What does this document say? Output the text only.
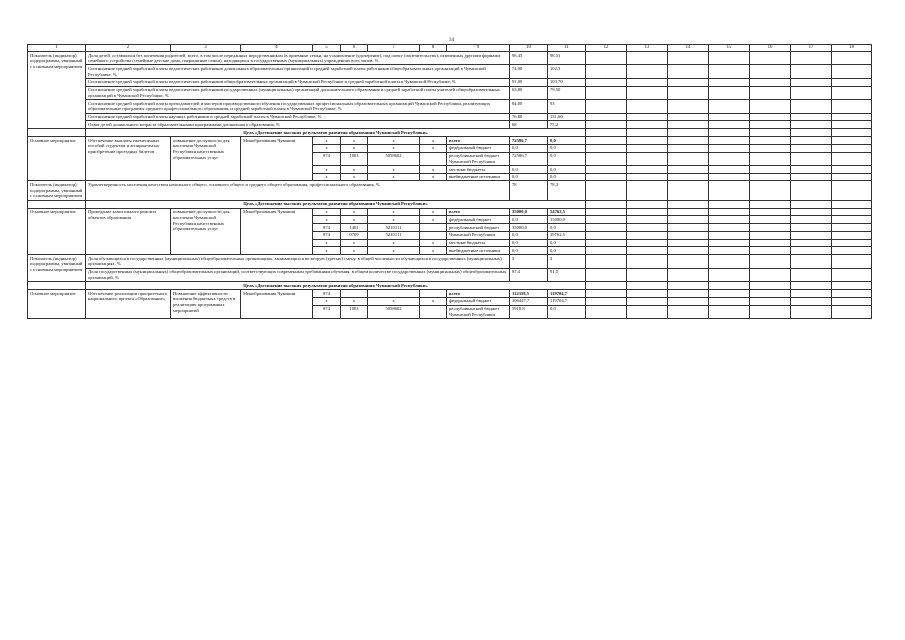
34
1	2	3	4	5	6	7	8	9	10	11	12	13	14	15	16	17	18
Показатель (индикатор) подпрограммы, увязанный с основным мероприятием	Доля детей, оставшихся без попечения родителей, всего, в том числе переданных неродственникам (в приемные семьи, на усыновление (удочерение), под опеку (попечительство), охваченных другими формами семейного устройства (семейные детские дома, патронатные семьи), находящихся в государственных (муниципальных) учреждениях всех типов, %								98,45	98,51							
	Соотношение средней заработной платы педагогических работников дошкольных образовательных организаций и средней заработной платы работников общеобразовательных организаций в Чувашской Республике, %								74,00	102,3							
	Соотношение средней заработной платы педагогических работников общеобразовательных организаций в Чувашской Республике и средней заработной платы в Чувашской Республике, %								91,00	103,70							
	Соотношение средней заработной платы педагогических работников государственных (муниципальных) организаций дополнительного образования и средней заработной платы учителей общеобразовательных организаций в Чувашской Республике, %								63,80	79,50							
	Соотношение средней заработной платы преподавателей и мастеров производственного обучения государственных профессиональных образовательных организаций Чувашской Республики, реализующих образовательные программы среднего профессионального образования, и средней заработной платы в Чувашской Республике, %								84,00	93							
	Соотношение средней заработной платы научных работников и средней заработной платы в Чувашской Республике, %								76,80	131,60							
	Охват детей дошкольного возраста образовательными программами дошкольного образования, %								68	75,2							
	Цель «Достижение высоких результатов развития образования Чувашской Республики»																
Основное мероприятие	Обеспечение выплаты ежемесячных пособий студентам и аспирантам на приобретение проездных билетов	повышение доступности для населения Чувашской Республики качественных образовательных услуг	Минобразования Чувашии	x	x	x	x	всего	72586,7	0,0							
				x	x	x	x	федеральный бюджет	0,0	0,0							
				874	1003	5058602		республиканский бюджет Чувашской Республики	72586,7	0,0							
				x	x	x	x	местные бюджеты	0,0	0,0							
				x	x	x	x	внебюджетные источники	0,0	0,0							
Показатель (индикатор) подпрограммы, увязанный с основным мероприятием	Удовлетворенность населения качеством начального общего, основного общего и среднего общего образования, профессионального образования, %								78	78,3							
	Цель «Достижение высоких результатов развития образования Чувашской Республики»																
Основное мероприятие	Проведение капитального ремонта объектов образования	повышение доступности для населения Чувашской Республики качественных образовательных услуг	Минобразования Чувашии	x	x	x	x	всего	35000,0	54762,5							
				x	x	x	x	федеральный бюджет	0,0	15000,0							
				874	1401	5210111		республиканский бюджет	35000,0	0,0							
				874	0709	5210111		Чувашской Республики	0,0	39762,5							
				x	x	x	x	местные бюджеты	0,0	0,0							
				x	x	x	x	внебюджетные источники	0,0	0,0							
Показатель (индикатор) подпрограммы, увязанный с основным мероприятием	Доля обучающихся в государственных (муниципальных) общеобразовательных организациях, занимающихся во вторую (третью) смену, в общей численности обучающихся в государственных (муниципальных) организациях, %								3	3							
	Доля государственных (муниципальных) общеобразовательных организаций, соответствующих современным требованиям обучения, в общем количестве государственных (муниципальных) общеобразовательных организаций, %								87,4	91,5							
	Цель «Достижение высоких результатов развития образования Чувашской Республики»																
Основное мероприятие	Обеспечение реализации приоритетного национального проекта «Образование»	Повышение эффективности вложения бюджетных средств в реализацию программных мероприятий	Минобразования Чувашии	874				всего	112358,5	119704,7							
				x	x	x	x	федеральный бюджет	106447,7	119704,7							
				874	1003	5058602		республиканский бюджет Чувашской Республики	5910,8	0,0							
